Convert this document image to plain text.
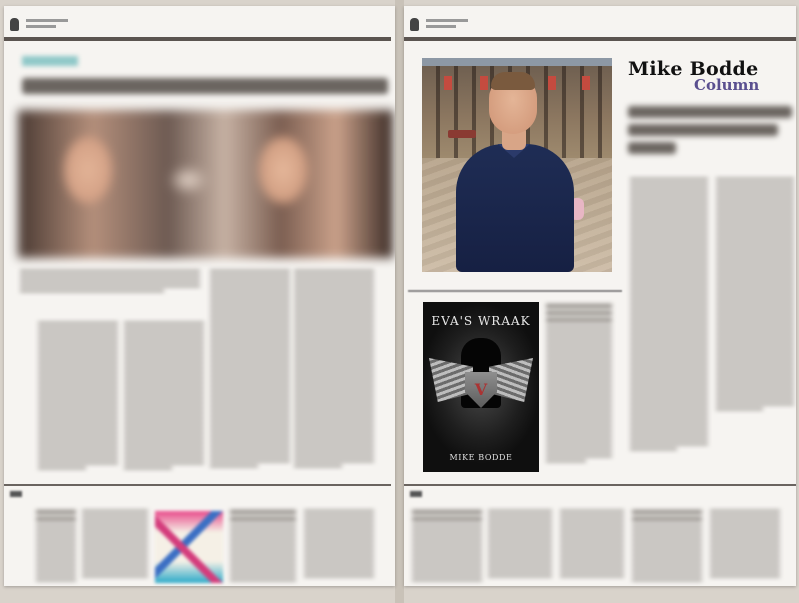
Mike Bodde
Column
EVA'S WRAAK
V
MIKE BODDE
